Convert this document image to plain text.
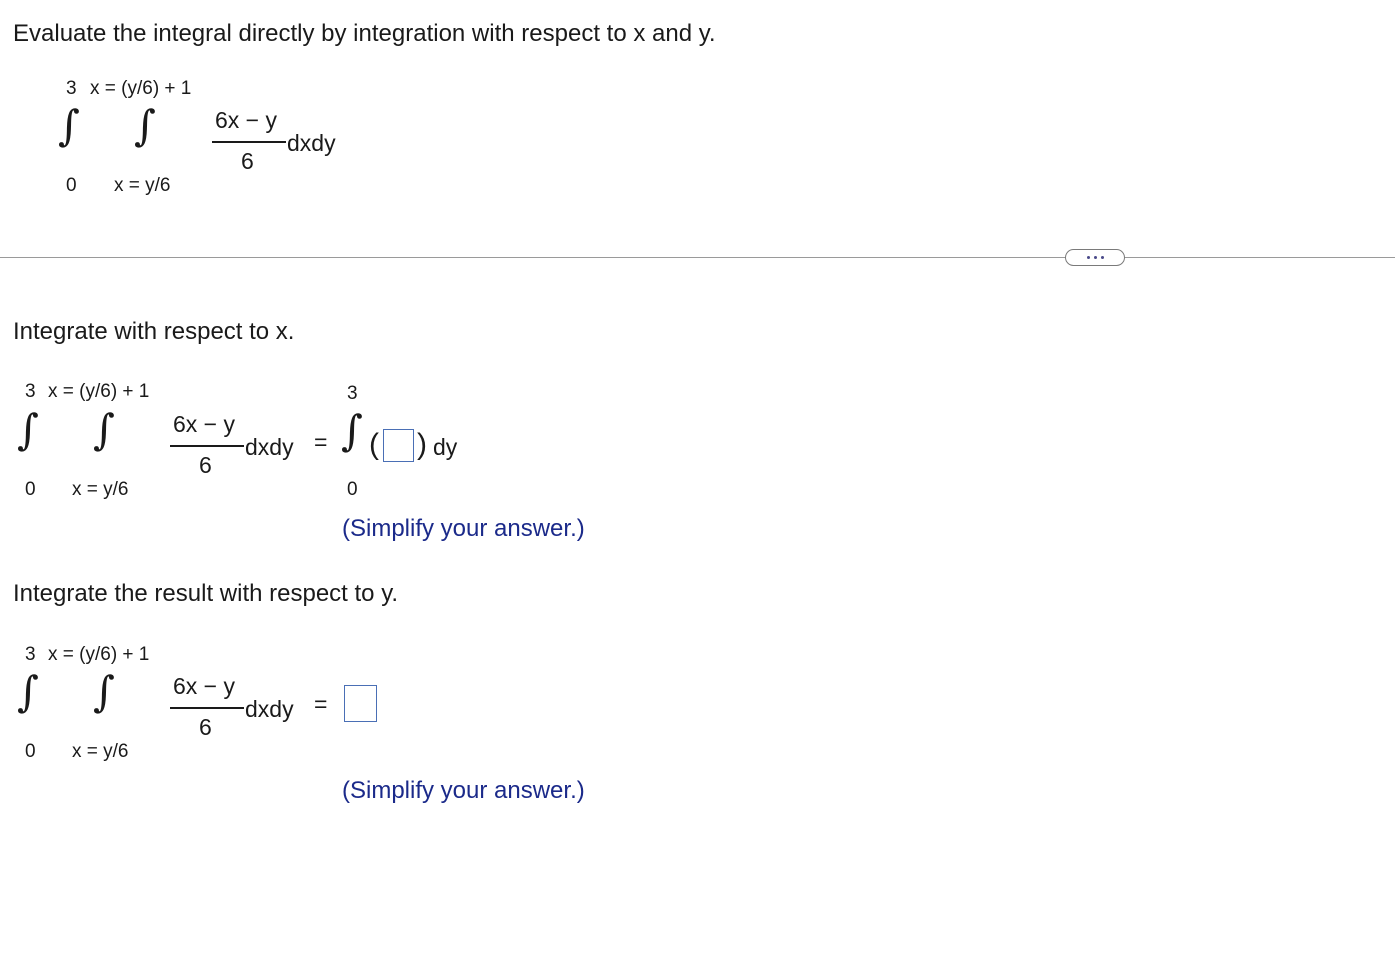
Evaluate the integral directly by integration with respect to x and y.
3 x = (y/6) + 1
∫ ∫
0 x = y/6
6x − y
6
dxdy
Integrate with respect to x.
3 x = (y/6) + 1
∫ ∫
0 x = y/6
6x − y
6
dxdy =
3
∫
0
( ) dy
(Simplify your answer.)
Integrate the result with respect to y.
3 x = (y/6) + 1
∫ ∫
0 x = y/6
6x − y
6
dxdy =
(Simplify your answer.)
